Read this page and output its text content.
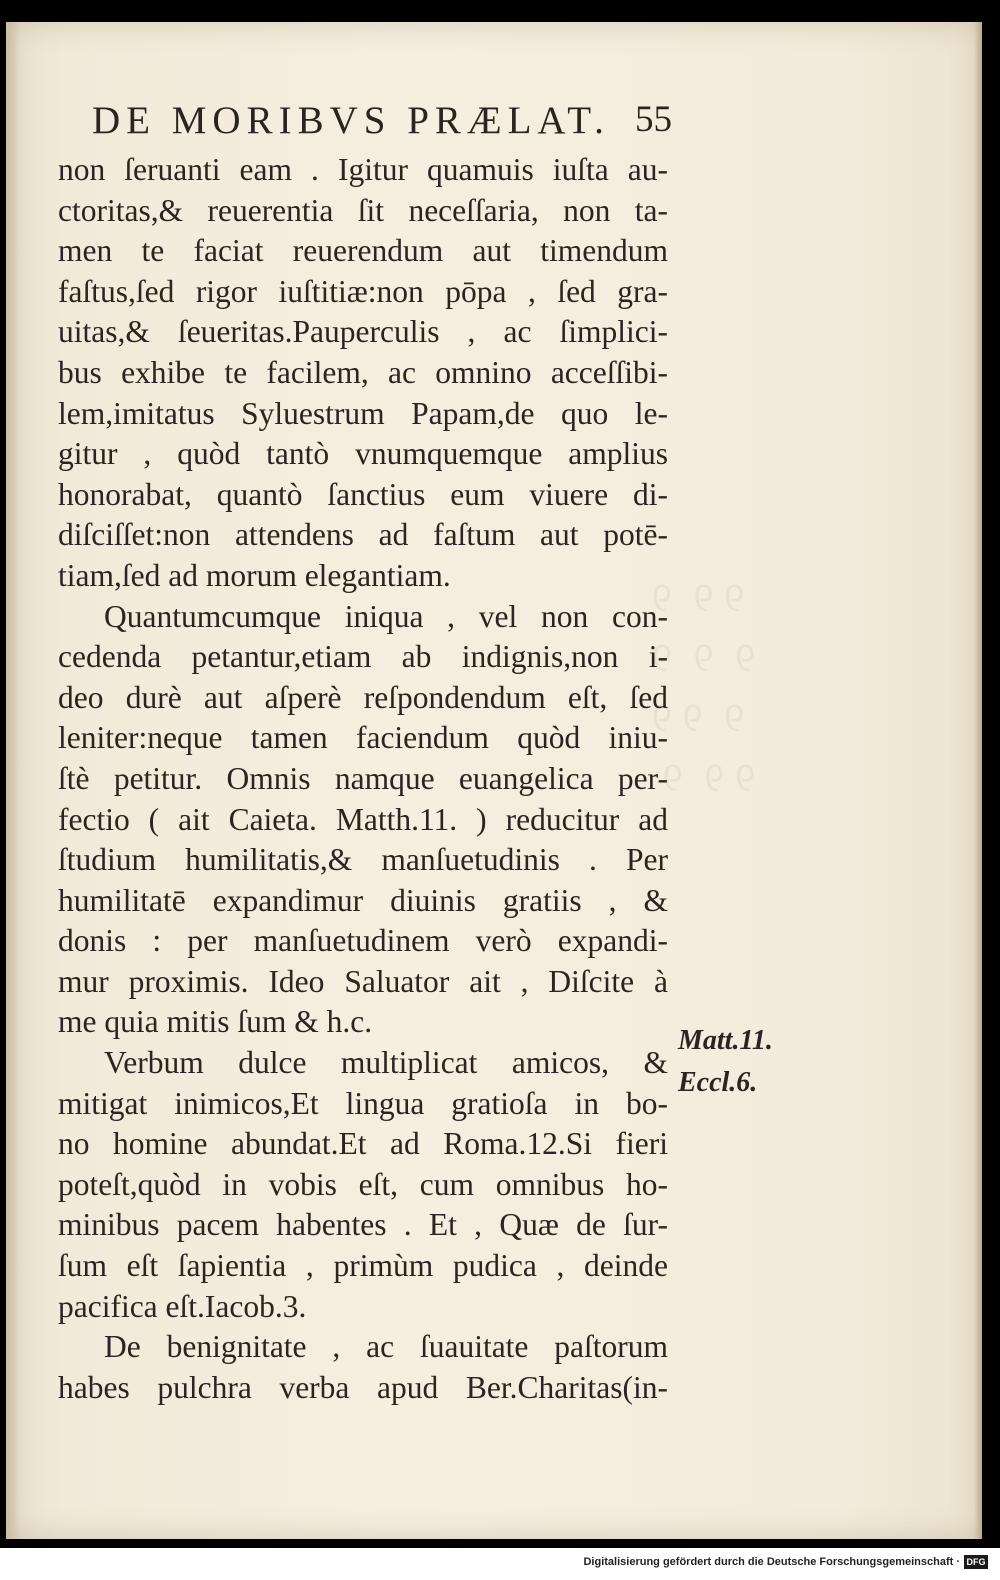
ꝯ ꝯ  ꝯ
ꝯ  ꝯ  ꝯ
ꝯ  ꝯ ꝯ
ꝯ ꝯ  ꝯ
DE MORIBVS PRÆLAT. 55
non ſeruanti eam . Igitur quamuis iuſta au-
ctoritas,& reuerentia ſit neceſſaria, non ta-
men te faciat reuerendum aut timendum
faſtus,ſed rigor iuſtitiæ:non pōpa , ſed gra-
uitas,& ſeueritas.Pauperculis , ac ſimplici-
bus exhibe te facilem, ac omnino acceſſibi-
lem,imitatus Syluestrum Papam,de quo le-
gitur , quòd tantò vnumquemque amplius
honorabat, quantò ſanctius eum viuere di-
diſciſſet:non attendens ad faſtum aut potē-
tiam,ſed ad morum elegantiam.
Quantumcumque iniqua , vel non con-
cedenda petantur,etiam ab indignis,non i-
deo durè aut aſperè reſpondendum eſt, ſed
leniter:neque tamen faciendum quòd iniu-
ſtè petitur. Omnis namque euangelica per-
fectio ( ait Caieta. Matth.11. ) reducitur ad
ſtudium humilitatis,& manſuetudinis . Per
humilitatē expandimur diuinis gratiis , &
donis : per manſuetudinem verò expandi-
mur proximis. Ideo Saluator ait , Diſcite à
me quia mitis ſum & h.c.
Verbum dulce multiplicat amicos, &
mitigat inimicos,Et lingua gratioſa in bo-
no homine abundat.Et ad Roma.12.Si fieri
poteſt,quòd in vobis eſt, cum omnibus ho-
minibus pacem habentes . Et , Quæ de ſur-
ſum eſt ſapientia , primùm pudica , deinde
pacifica eſt.Iacob.3.
De benignitate , ac ſuauitate paſtorum
habes pulchra verba apud Ber.Charitas(in-
Matt.11.
Eccl.6.
Digitalisierung gefördert durch die Deutsche Forschungsgemeinschaft · DFG
